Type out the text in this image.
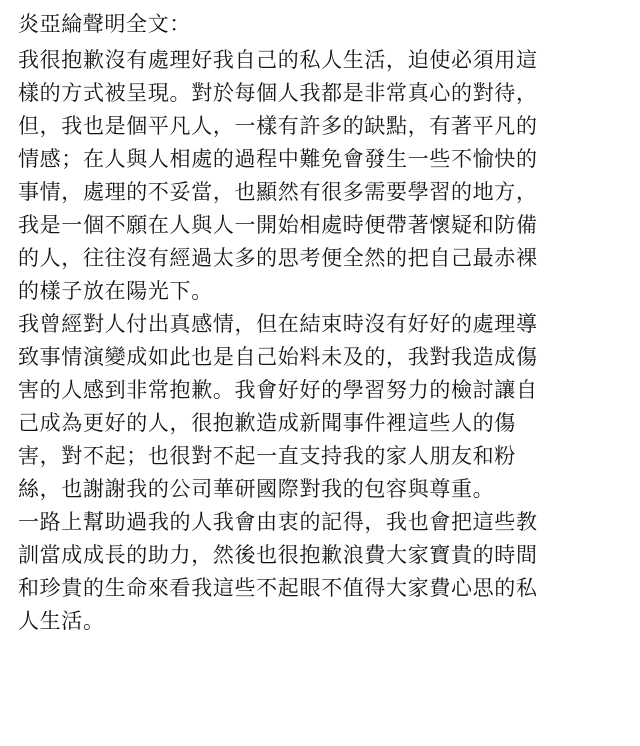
炎亞綸聲明全文：
我很抱歉沒有處理好我自己的私人生活，迫使必須用這
樣的方式被呈現。對於每個人我都是非常真心的對待，
但，我也是個平凡人，一樣有許多的缺點，有著平凡的
情感；在人與人相處的過程中難免會發生一些不愉快的
事情，處理的不妥當，也顯然有很多需要學習的地方，
我是一個不願在人與人一開始相處時便帶著懷疑和防備
的人，往往沒有經過太多的思考便全然的把自己最赤裸
的樣子放在陽光下。
我曾經對人付出真感情，但在結束時沒有好好的處理導
致事情演變成如此也是自己始料未及的，我對我造成傷
害的人感到非常抱歉。我會好好的學習努力的檢討讓自
己成為更好的人，很抱歉造成新聞事件裡這些人的傷
害，對不起；也很對不起一直支持我的家人朋友和粉
絲，也謝謝我的公司華研國際對我的包容與尊重。
一路上幫助過我的人我會由衷的記得，我也會把這些教
訓當成成長的助力，然後也很抱歉浪費大家寶貴的時間
和珍貴的生命來看我這些不起眼不值得大家費心思的私
人生活。
